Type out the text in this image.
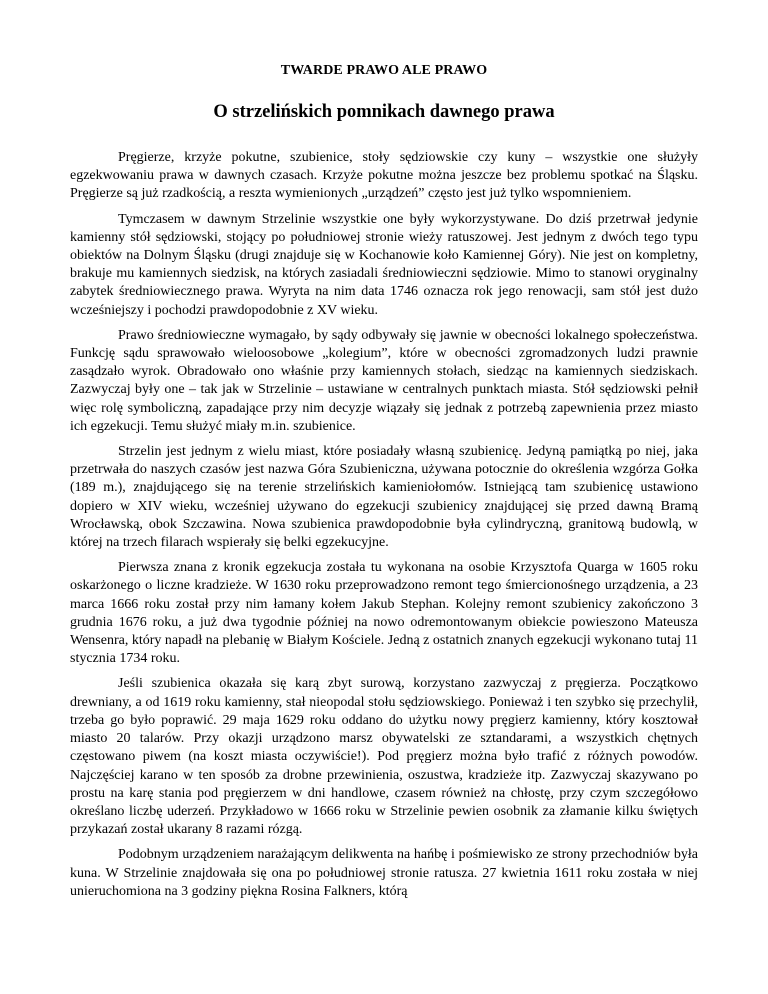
TWARDE PRAWO ALE PRAWO

O strzelińskich pomnikach dawnego prawa

Pręgierze, krzyże pokutne, szubienice, stoły sędziowskie czy kuny – wszystkie one służyły egzekwowaniu prawa w dawnych czasach. Krzyże pokutne można jeszcze bez problemu spotkać na Śląsku. Pręgierze są już rzadkością, a reszta wymienionych „urządzeń” często jest już tylko wspomnieniem.

Tymczasem w dawnym Strzelinie wszystkie one były wykorzystywane. Do dziś przetrwał jedynie kamienny stół sędziowski, stojący po południowej stronie wieży ratuszowej. Jest jednym z dwóch tego typu obiektów na Dolnym Śląsku (drugi znajduje się w Kochanowie koło Kamiennej Góry). Nie jest on kompletny, brakuje mu kamiennych siedzisk, na których zasiadali średniowieczni sędziowie. Mimo to stanowi oryginalny zabytek średniowiecznego prawa. Wyryta na nim data 1746 oznacza rok jego renowacji, sam stół jest dużo wcześniejszy i pochodzi prawdopodobnie z XV wieku.

Prawo średniowieczne wymagało, by sądy odbywały się jawnie w obecności lokalnego społeczeństwa. Funkcję sądu sprawowało wieloosobowe „kolegium”, które w obecności zgromadzonych ludzi prawnie zasądzało wyrok. Obradowało ono właśnie przy kamiennych stołach, siedząc na kamiennych siedziskach. Zazwyczaj były one – tak jak w Strzelinie – ustawiane w centralnych punktach miasta. Stół sędziowski pełnił więc rolę symboliczną, zapadające przy nim decyzje wiązały się jednak z potrzebą zapewnienia przez miasto ich egzekucji. Temu służyć miały m.in. szubienice.

Strzelin jest jednym z wielu miast, które posiadały własną szubienicę. Jedyną pamiątką po niej, jaka przetrwała do naszych czasów jest nazwa Góra Szubieniczna, używana potocznie do określenia wzgórza Gołka (189 m.), znajdującego się na terenie strzelińskich kamieniołomów. Istniejącą tam szubienicę ustawiono dopiero w XIV wieku, wcześniej używano do egzekucji szubienicy znajdującej się przed dawną Bramą Wrocławską, obok Szczawina. Nowa szubienica prawdopodobnie była cylindryczną, granitową budowlą, w której na trzech filarach wspierały się belki egzekucyjne.

Pierwsza znana z kronik egzekucja została tu wykonana na osobie Krzysztofa Quarga w 1605 roku oskarżonego o liczne kradzieże. W 1630 roku przeprowadzono remont tego śmiercionośnego urządzenia, a 23 marca 1666 roku został przy nim łamany kołem Jakub Stephan. Kolejny remont szubienicy zakończono 3 grudnia 1676 roku, a już dwa tygodnie później na nowo odremontowanym obiekcie powieszono Mateusza Wensenra, który napadł na plebanię w Białym Kościele. Jedną z ostatnich znanych egzekucji wykonano tutaj 11 stycznia 1734 roku.

Jeśli szubienica okazała się karą zbyt surową, korzystano zazwyczaj z pręgierza. Początkowo drewniany, a od 1619 roku kamienny, stał nieopodal stołu sędziowskiego. Ponieważ i ten szybko się przechylił, trzeba go było poprawić. 29 maja 1629 roku oddano do użytku nowy pręgierz kamienny, który kosztował miasto 20 talarów. Przy okazji urządzono marsz obywatelski ze sztandarami, a wszystkich chętnych częstowano piwem (na koszt miasta oczywiście!). Pod pręgierz można było trafić z różnych powodów. Najczęściej karano w ten sposób za drobne przewinienia, oszustwa, kradzieże itp. Zazwyczaj skazywano po prostu na karę stania pod pręgierzem w dni handlowe, czasem również na chłostę, przy czym szczegółowo określano liczbę uderzeń. Przykładowo w 1666 roku w Strzelinie pewien osobnik za złamanie kilku świętych przykazań został ukarany 8 razami rózgą.

Podobnym urządzeniem narażającym delikwenta na hańbę i pośmiewisko ze strony przechodniów była kuna. W Strzelinie znajdowała się ona po południowej stronie ratusza. 27 kwietnia 1611 roku została w niej unieruchomiona na 3 godziny piękna Rosina Falkners, którą
